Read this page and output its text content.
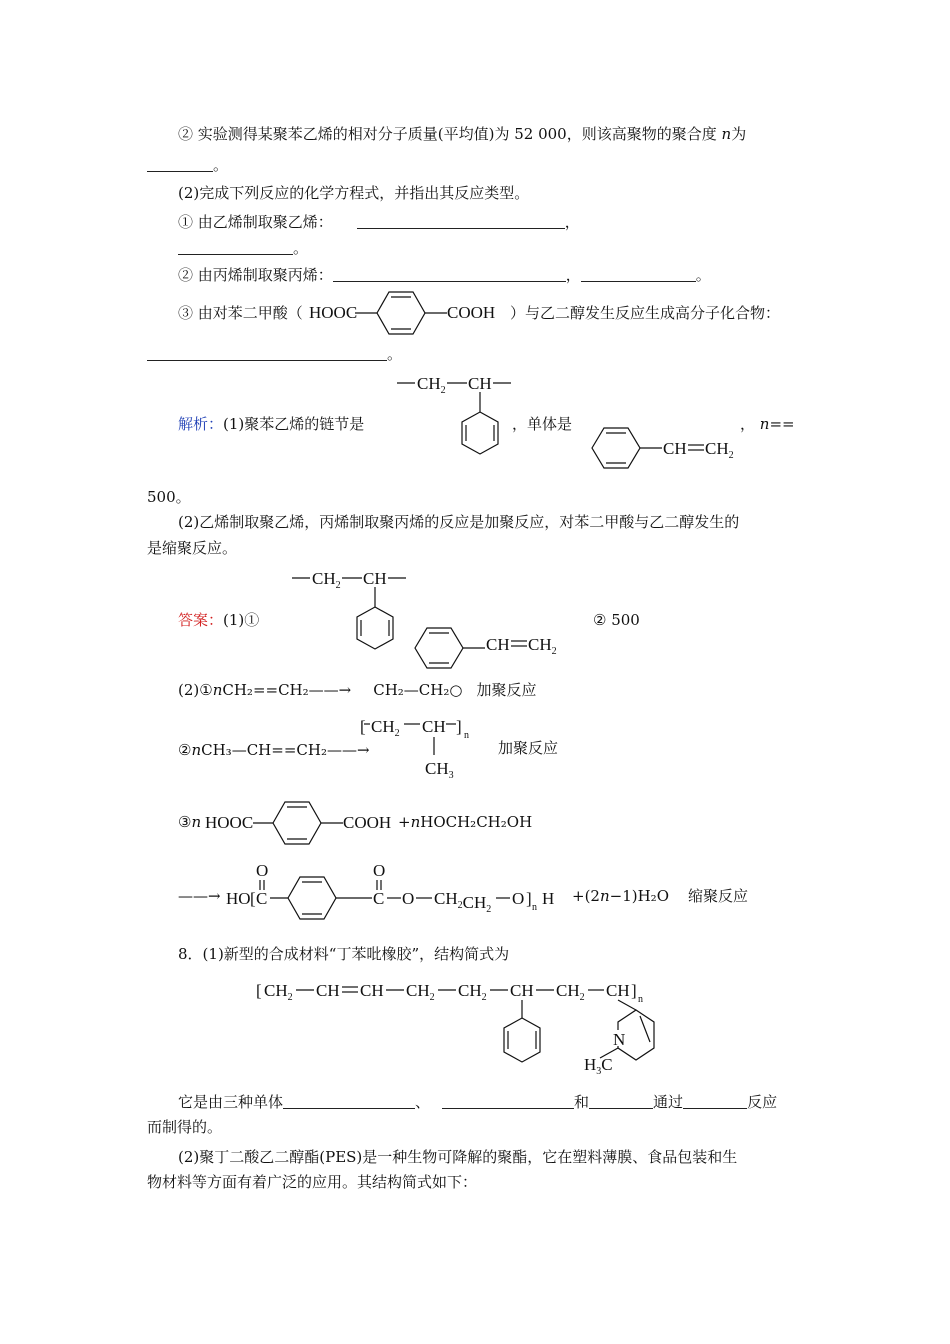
② 实验测得某聚苯乙烯的相对分子质量(平均值)为 52 000，则该高聚物的聚合度 n为
。
(2)完成下列反应的化学方程式，并指出其反应类型。
① 由乙烯制取聚乙烯：	，
。
② 由丙烯制取聚丙烯：	，	。
③ 由对苯二甲酸（ HOOC	COOH ）与乙二醇发生反应生成高分子化合物：
。
$CH_2$ CH
解析：(1)聚苯乙烯的链节是	，单体是
CH $CH_2$
， n==
500。
(2)乙烯制取聚乙烯，丙烯制取聚丙烯的反应是加聚反应，对苯二甲酸与乙二醇发生的
是缩聚反应。
$CH_2$ CH
答案：(1)①	② 500
CH $CH_2$
(2)①nCH₂==CH₂——→ CH₂—CH₂○ 加聚反应
②nCH₃—CH==CH₂——→
[ $CH_2$ CH ] n
$CH_3$
加聚反应
③n HOOC	COOH +nHOCH₂CH₂OH
——→ HO [ C
O
C
O
O $CH_2CH_2$
O ] n H +(2n−1)H₂O 缩聚反应
8．(1)新型的合成材料“丁苯吡橡胶”，结构简式为
[ $CH_2$ CH CH $CH_2$ $CH_2$ CH $CH_2$ CH ] n
N
$H_3C$
它是由三种单体	、	和	通过	反应
而制得的。
(2)聚丁二酸乙二醇酯(PES)是一种生物可降解的聚酯，它在塑料薄膜、食品包装和生
物材料等方面有着广泛的应用。其结构简式如下：
